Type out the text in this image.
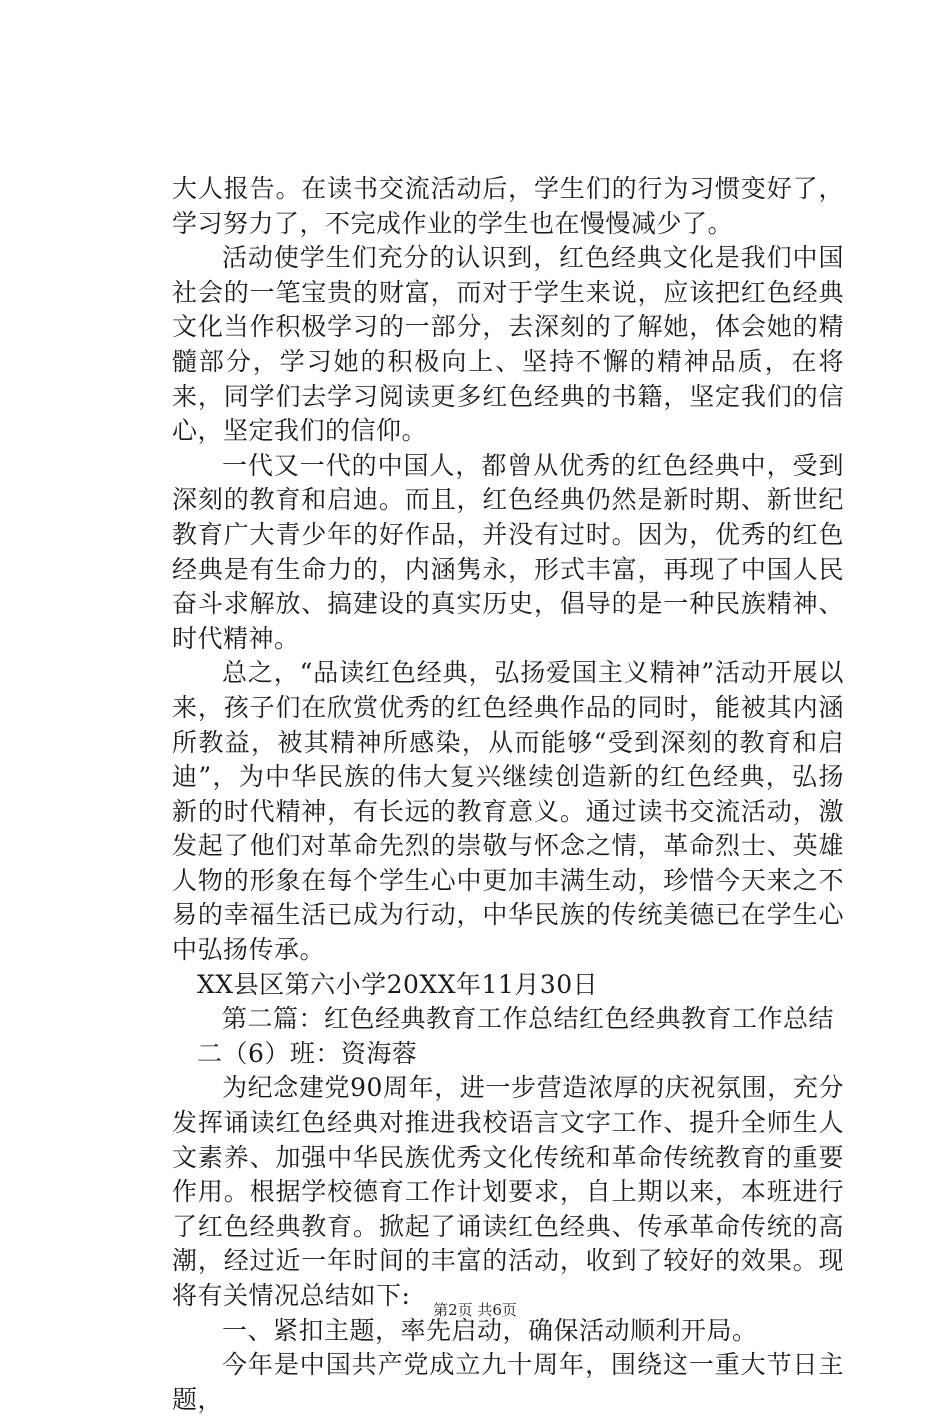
大人报告。在读书交流活动后，学生们的行为习惯变好了，学习努力了，不完成作业的学生也在慢慢减少了。

活动使学生们充分的认识到，红色经典文化是我们中国社会的一笔宝贵的财富，而对于学生来说，应该把红色经典文化当作积极学习的一部分，去深刻的了解她，体会她的精髓部分，学习她的积极向上、坚持不懈的精神品质，在将来，同学们去学习阅读更多红色经典的书籍，坚定我们的信心，坚定我们的信仰。

一代又一代的中国人，都曾从优秀的红色经典中，受到深刻的教育和启迪。而且，红色经典仍然是新时期、新世纪教育广大青少年的好作品，并没有过时。因为，优秀的红色经典是有生命力的，内涵隽永，形式丰富，再现了中国人民奋斗求解放、搞建设的真实历史，倡导的是一种民族精神、时代精神。

总之，“品读红色经典，弘扬爱国主义精神”活动开展以来，孩子们在欣赏优秀的红色经典作品的同时，能被其内涵所教益，被其精神所感染，从而能够“受到深刻的教育和启迪”，为中华民族的伟大复兴继续创造新的红色经典，弘扬新的时代精神，有长远的教育意义。通过读书交流活动，激发起了他们对革命先烈的崇敬与怀念之情，革命烈士、英雄人物的形象在每个学生心中更加丰满生动，珍惜今天来之不易的幸福生活已成为行动，中华民族的传统美德已在学生心中弘扬传承。

XX县区第六小学20XX年11月30日

第二篇：红色经典教育工作总结红色经典教育工作总结

二（6）班：资海蓉

为纪念建党90周年，进一步营造浓厚的庆祝氛围，充分发挥诵读红色经典对推进我校语言文字工作、提升全师生人文素养、加强中华民族优秀文化传统和革命传统教育的重要作用。根据学校德育工作计划要求，自上期以来，本班进行了红色经典教育。掀起了诵读红色经典、传承革命传统的高潮，经过近一年时间的丰富的活动，收到了较好的效果。现将有关情况总结如下:

一、紧扣主题，率先启动，确保活动顺利开局。

今年是中国共产党成立九十周年，围绕这一重大节日主题，

第2页 共6页
